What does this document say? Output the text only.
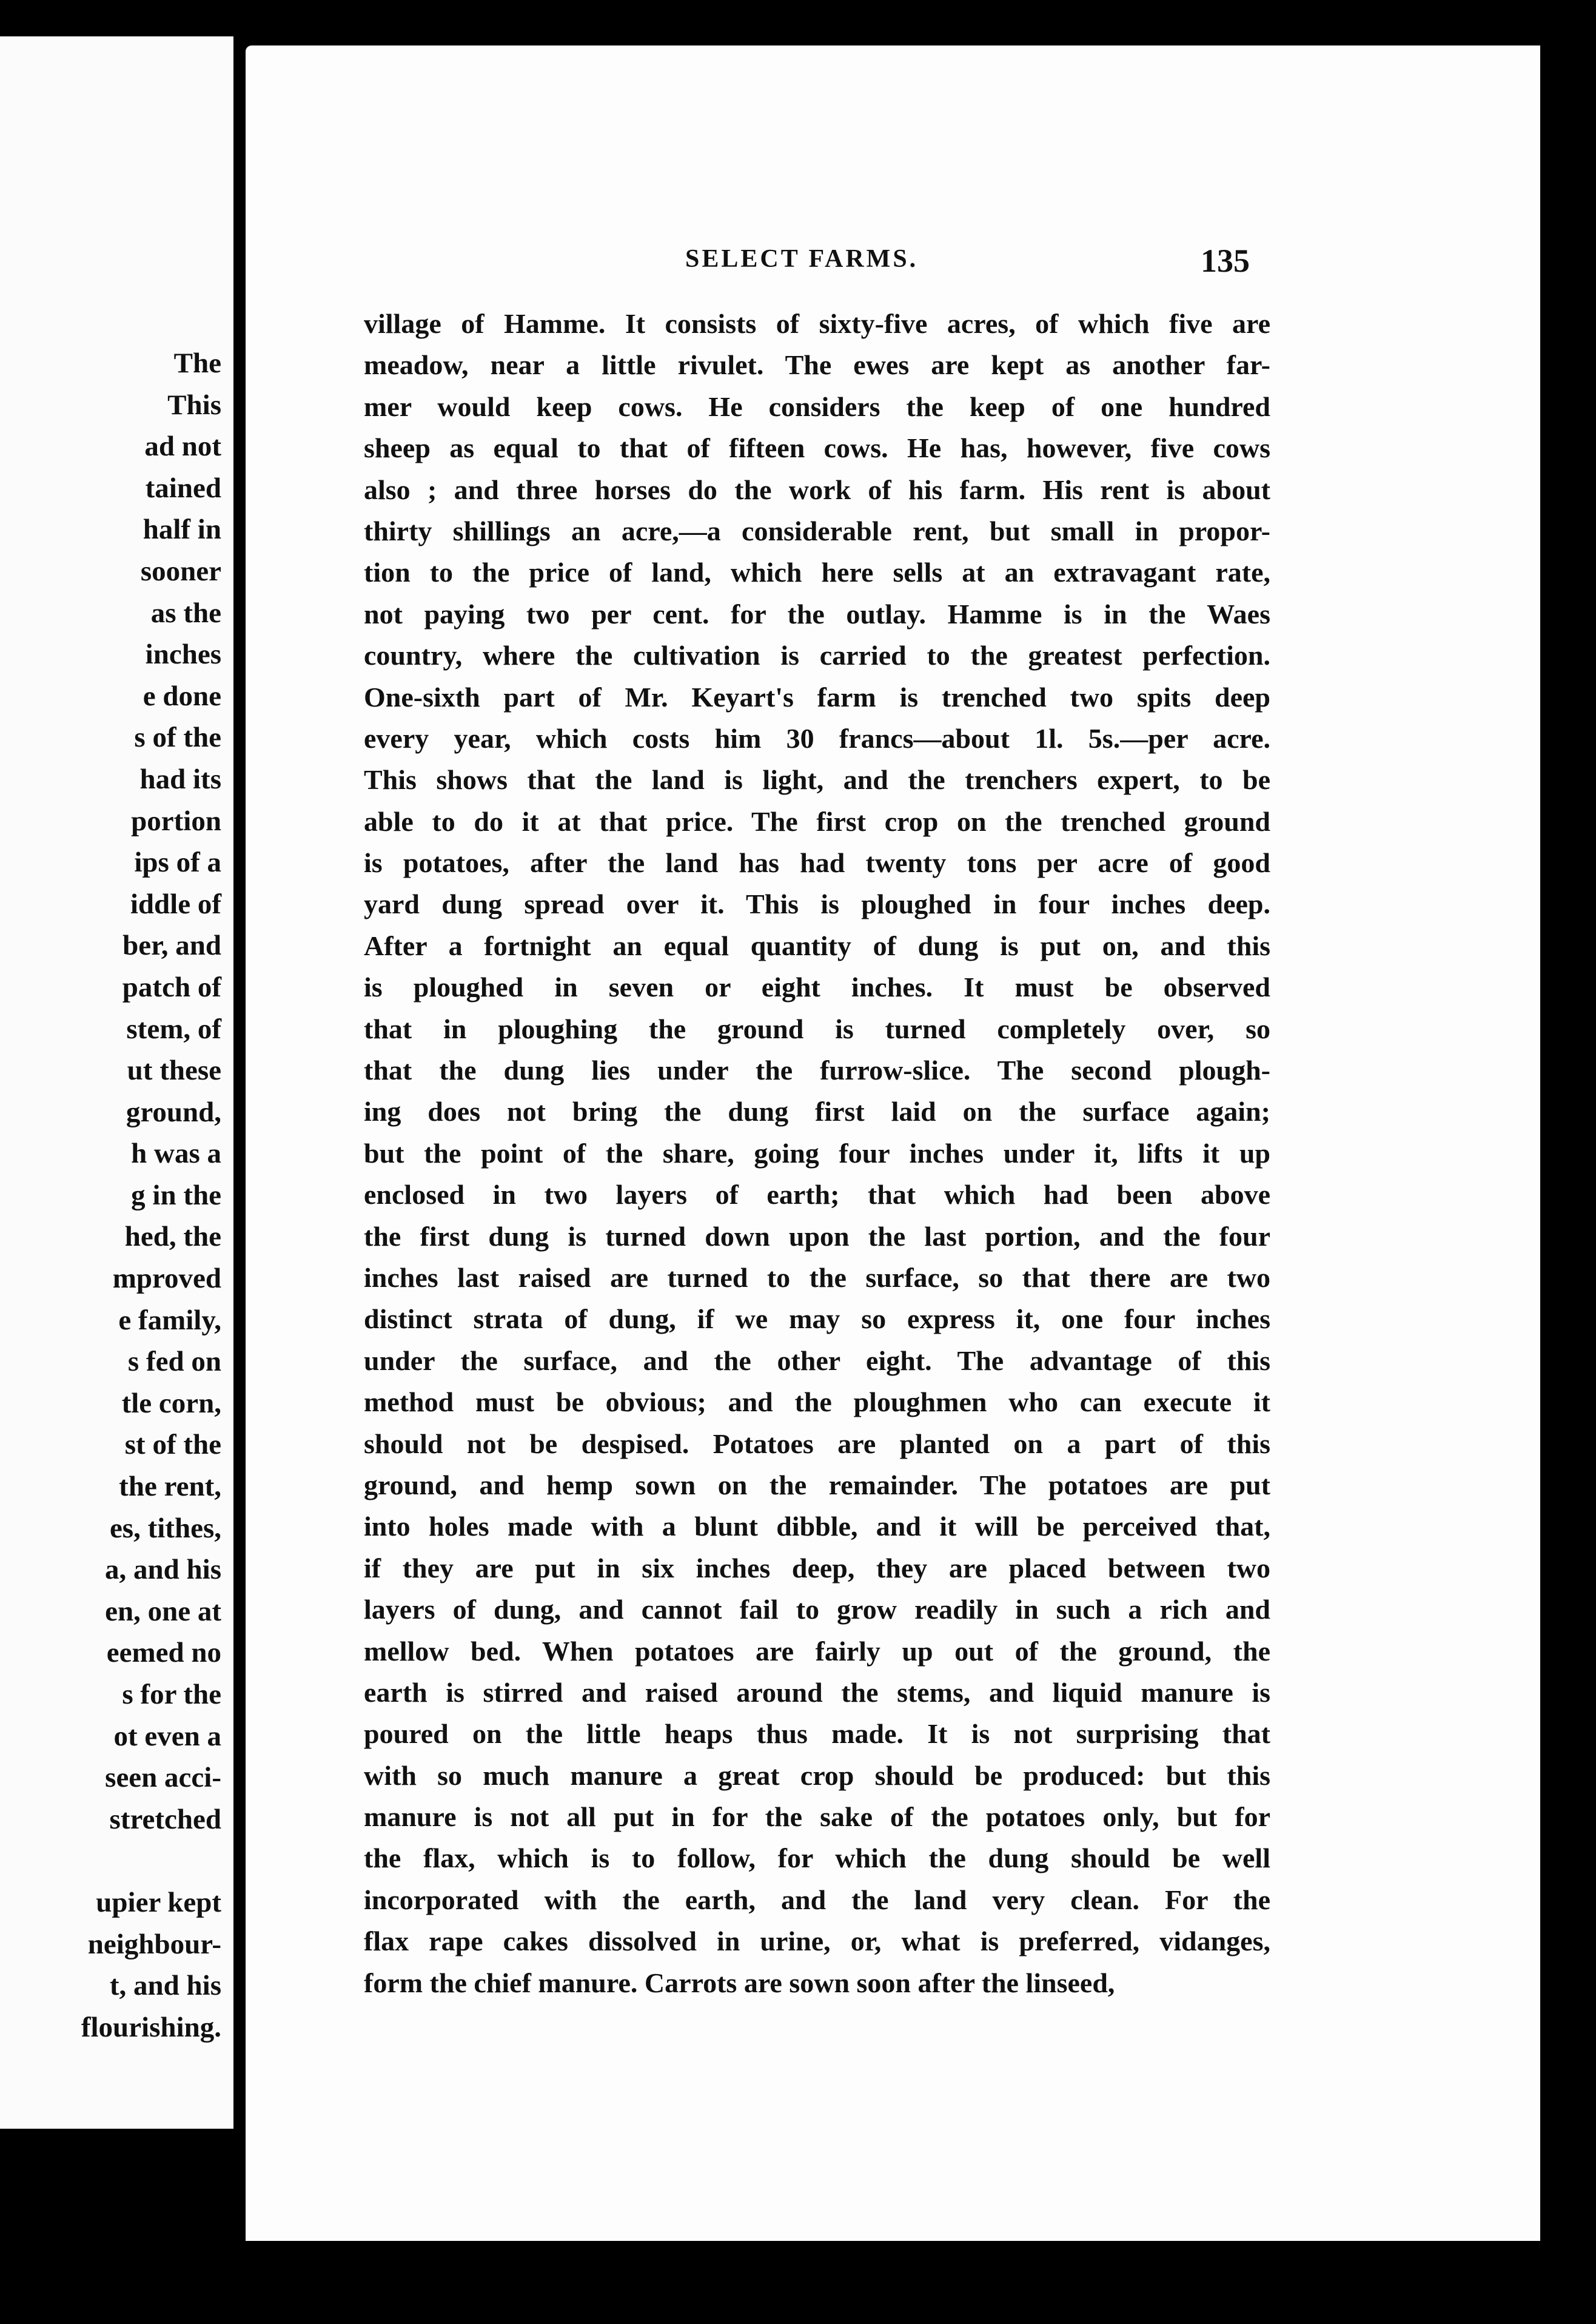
The
This
ad not
tained
half in
sooner
as the
inches
e done
s of the
had its
portion
ips of a
iddle of
ber, and
patch of
stem, of
ut these
ground,
h was a
g in the
hed, the
mproved
e family,
s fed on
tle corn,
st of the
the rent,
es, tithes,
a, and his
en, one at
eemed no
s for the
ot even a
seen acci-
stretched

upier kept
neighbour-
t, and his
flourishing.
SELECT FARMS.	135
village of Hamme. It consists of sixty-five acres, of which five are
meadow, near a little rivulet. The ewes are kept as another far-
mer would keep cows. He considers the keep of one hundred
sheep as equal to that of fifteen cows. He has, however, five cows
also ; and three horses do the work of his farm. His rent is about
thirty shillings an acre,—a considerable rent, but small in propor-
tion to the price of land, which here sells at an extravagant rate,
not paying two per cent. for the outlay. Hamme is in the Waes
country, where the cultivation is carried to the greatest perfection.
One-sixth part of Mr. Keyart's farm is trenched two spits deep
every year, which costs him 30 francs—about 1l. 5s.—per acre.
This shows that the land is light, and the trenchers expert, to be
able to do it at that price. The first crop on the trenched ground
is potatoes, after the land has had twenty tons per acre of good
yard dung spread over it. This is ploughed in four inches deep.
After a fortnight an equal quantity of dung is put on, and this
is ploughed in seven or eight inches. It must be observed
that in ploughing the ground is turned completely over, so
that the dung lies under the furrow-slice. The second plough-
ing does not bring the dung first laid on the surface again;
but the point of the share, going four inches under it, lifts it up
enclosed in two layers of earth; that which had been above
the first dung is turned down upon the last portion, and the four
inches last raised are turned to the surface, so that there are two
distinct strata of dung, if we may so express it, one four inches
under the surface, and the other eight. The advantage of this
method must be obvious; and the ploughmen who can execute it
should not be despised. Potatoes are planted on a part of this
ground, and hemp sown on the remainder. The potatoes are put
into holes made with a blunt dibble, and it will be perceived that,
if they are put in six inches deep, they are placed between two
layers of dung, and cannot fail to grow readily in such a rich and
mellow bed. When potatoes are fairly up out of the ground, the
earth is stirred and raised around the stems, and liquid manure is
poured on the little heaps thus made. It is not surprising that
with so much manure a great crop should be produced: but this
manure is not all put in for the sake of the potatoes only, but for
the flax, which is to follow, for which the dung should be well
incorporated with the earth, and the land very clean. For the
flax rape cakes dissolved in urine, or, what is preferred, vidanges,
form the chief manure. Carrots are sown soon after the linseed,
